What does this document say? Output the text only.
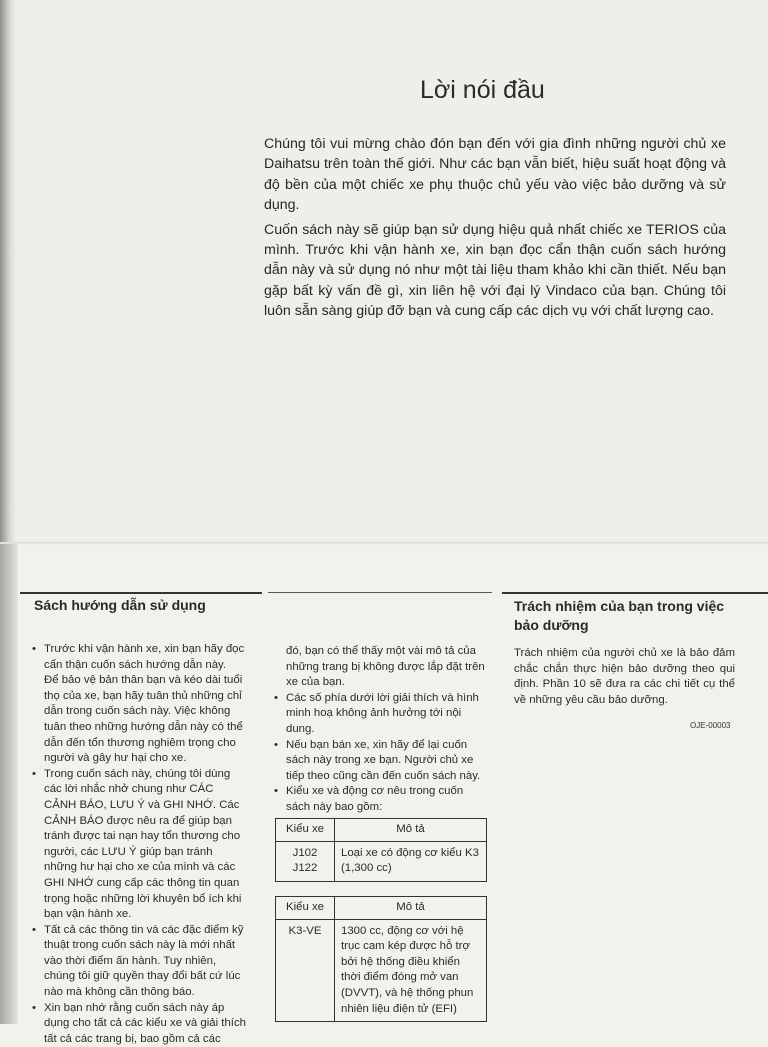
Lời nói đầu

Chúng tôi vui mừng chào đón bạn đến với gia đình những người chủ xe Daihatsu trên toàn thế giới. Như các bạn vẫn biết, hiệu suất hoạt động và độ bền của một chiếc xe phụ thuộc chủ yếu vào việc bảo dưỡng và sử dụng.

Cuốn sách này sẽ giúp bạn sử dụng hiệu quả nhất chiếc xe TERIOS của mình. Trước khi vận hành xe, xin bạn đọc cẩn thận cuốn sách hướng dẫn này và sử dụng nó như một tài liệu tham khảo khi cần thiết. Nếu bạn gặp bất kỳ vấn đề gì, xin liên hệ với đại lý Vindaco của bạn. Chúng tôi luôn sẵn sàng giúp đỡ bạn và cung cấp các dịch vụ với chất lượng cao.

Sách hướng dẫn sử dụng
• Trước khi vận hành xe, xin bạn hãy đọc cẩn thận cuốn sách hướng dẫn này.
Để bảo vệ bản thân bạn và kéo dài tuổi thọ của xe, bạn hãy tuân thủ những chỉ dẫn trong cuốn sách này. Việc không tuân theo những hướng dẫn này có thể dẫn đến tổn thương nghiêm trọng cho người và gây hư hại cho xe.
• Trong cuốn sách này, chúng tôi dùng các lời nhắc nhở chung như CÁC CẢNH BÁO, LƯU Ý và GHI NHỚ. Các CẢNH BÁO được nêu ra để giúp bạn tránh được tai nạn hay tổn thương cho người, các LƯU Ý giúp bạn tránh những hư hại cho xe của mình và các GHI NHỚ cung cấp các thông tin quan trọng hoặc những lời khuyên bổ ích khi bạn vận hành xe.
• Tất cả các thông tin và các đặc điểm kỹ thuật trong cuốn sách này là mới nhất vào thời điểm ấn hành. Tuy nhiên, chúng tôi giữ quyền thay đổi bất cứ lúc nào mà không cần thông báo.
• Xin bạn nhớ rằng cuốn sách này áp dụng cho tất cả các kiểu xe và giải thích tất cả các trang bị, bao gồm cả các
đó, bạn có thể thấy một vài mô tả của những trang bị không được lắp đặt trên xe của bạn.
• Các số phía dưới lời giải thích và hình minh hoạ không ảnh hưởng tới nội dung.
• Nếu bạn bán xe, xin hãy để lại cuốn sách này trong xe bạn. Người chủ xe tiếp theo cũng cần đến cuốn sách này.
• Kiểu xe và động cơ nêu trong cuốn sách này bao gồm:
Kiểu xe	Mô tả

J102
J122	Loại xe có động cơ kiểu K3 (1,300 cc)
Kiểu xe	Mô tả
K3-VE	1300 cc, động cơ với hệ trục cam kép được hỗ trợ bởi hệ thống điều khiển thời điểm đóng mở van (DVVT), và hệ thống phun nhiên liệu điện tử (EFI)
Trách nhiệm của bạn trong việc bảo dưỡng
Trách nhiệm của người chủ xe là bảo đảm chắc chắn thực hiện bảo dưỡng theo qui định. Phần 10 sẽ đưa ra các chi tiết cụ thể về những yêu cầu bảo dưỡng.
OJE-00003
